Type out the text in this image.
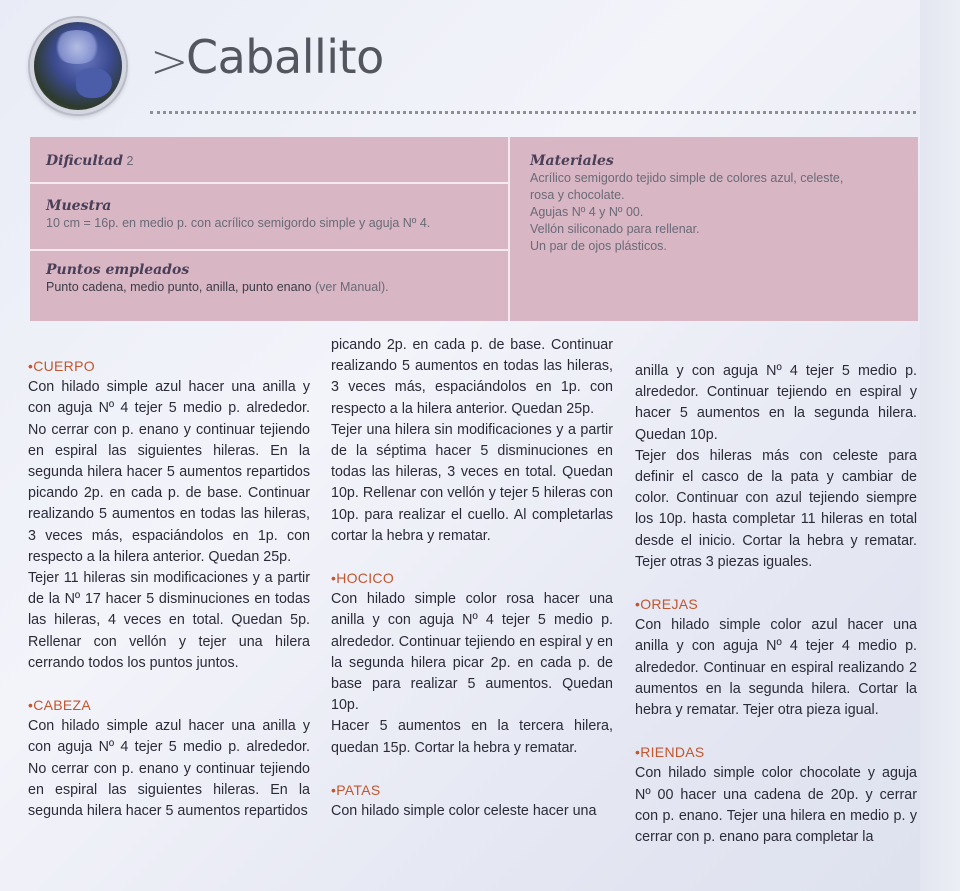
>
Caballito
Dificultad 2
Muestra
10 cm = 16p. en medio p. con acrílico semigordo simple y aguja Nº 4.
Puntos empleados
Punto cadena, medio punto, anilla, punto enano (ver Manual).
Materiales
Acrílico semigordo tejido simple de colores azul, celeste,
rosa y chocolate.
Agujas Nº 4 y Nº 00.
Vellón siliconado para rellenar.
Un par de ojos plásticos.
•CUERPO

Con hilado simple azul hacer una anilla y con aguja Nº 4 tejer 5 medio p. alrededor. No cerrar con p. enano y continuar tejiendo en espiral las siguientes hileras. En la segunda hilera hacer 5 aumentos repartidos picando 2p. en cada p. de base. Continuar realizando 5 aumentos en todas las hileras, 3 veces más, espaciándolos en 1p. con respecto a la hilera anterior. Quedan 25p.

Tejer 11 hileras sin modificaciones y a partir de la Nº 17 hacer 5 disminuciones en todas las hileras, 4 veces en total. Quedan 5p. Rellenar con vellón y tejer una hilera cerrando todos los puntos juntos.

•CABEZA

Con hilado simple azul hacer una anilla y con aguja Nº 4 tejer 5 medio p. alrededor. No cerrar con p. enano y continuar tejiendo en espiral las siguientes hileras. En la segunda hilera hacer 5 aumentos repartidos

picando 2p. en cada p. de base. Continuar realizando 5 aumentos en todas las hileras, 3 veces más, espaciándolos en 1p. con respecto a la hilera anterior. Quedan 25p.

Tejer una hilera sin modificaciones y a partir de la séptima hacer 5 disminuciones en todas las hileras, 3 veces en total. Quedan 10p. Rellenar con vellón y tejer 5 hileras con 10p. para realizar el cuello. Al completarlas cortar la hebra y rematar.

•HOCICO

Con hilado simple color rosa hacer una anilla y con aguja Nº 4 tejer 5 medio p. alrededor. Continuar tejiendo en espiral y en la segunda hilera picar 2p. en cada p. de base para realizar 5 aumentos. Quedan 10p.

Hacer 5 aumentos en la tercera hilera, quedan 15p. Cortar la hebra y rematar.

•PATAS

Con hilado simple color celeste hacer una

anilla y con aguja Nº 4 tejer 5 medio p. alrededor. Continuar tejiendo en espiral y hacer 5 aumentos en la segunda hilera. Quedan 10p.

Tejer dos hileras más con celeste para definir el casco de la pata y cambiar de color. Continuar con azul tejiendo siempre los 10p. hasta completar 11 hileras en total desde el inicio. Cortar la hebra y rematar. Tejer otras 3 piezas iguales.

•OREJAS

Con hilado simple color azul hacer una anilla y con aguja Nº 4 tejer 4 medio p. alrededor. Continuar en espiral realizando 2 aumentos en la segunda hilera. Cortar la hebra y rematar. Tejer otra pieza igual.

•RIENDAS

Con hilado simple color chocolate y aguja Nº 00 hacer una cadena de 20p. y cerrar con p. enano. Tejer una hilera en medio p. y cerrar con p. enano para completar la
